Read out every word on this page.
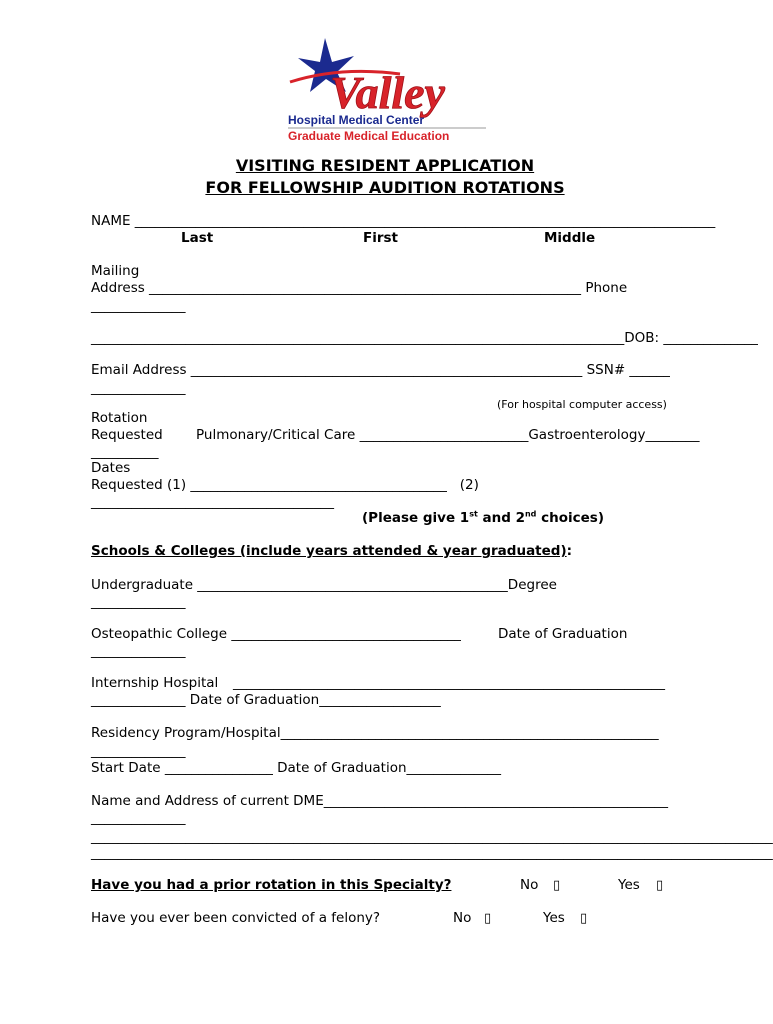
Valley
Hospital Medical Center
Graduate Medical Education
VISITING RESIDENT APPLICATION
FOR FELLOWSHIP AUDITION ROTATIONS
NAME ______________________________________________________________________________________
Last	First	Middle
Mailing
Address ________________________________________________________________ Phone
______________
_______________________________________________________________________________DOB: ______________
Email Address __________________________________________________________ SSN# ______
______________
(For hospital computer access)
Rotation
Requested Pulmonary/Critical Care _________________________Gastroenterology________
__________
Dates
Requested (1) ______________________________________   (2)
____________________________________
(Please give 1st and 2nd choices)
Schools & Colleges (include years attended & year graduated):
Undergraduate ______________________________________________Degree
______________
Osteopathic College __________________________________	Date of Graduation
______________
Internship Hospital ________________________________________________________________
______________ Date of Graduation__________________
Residency Program/Hospital________________________________________________________
______________
Start Date ________________ Date of Graduation______________
Name and Address of current DME___________________________________________________
______________
_____________________________________________________________________________________________________
_____________________________________________________________________________________________________
Have you had a prior rotation in this Specialty?	No ▯	Yes ▯
Have you ever been convicted of a felony?	No ▯	Yes ▯
